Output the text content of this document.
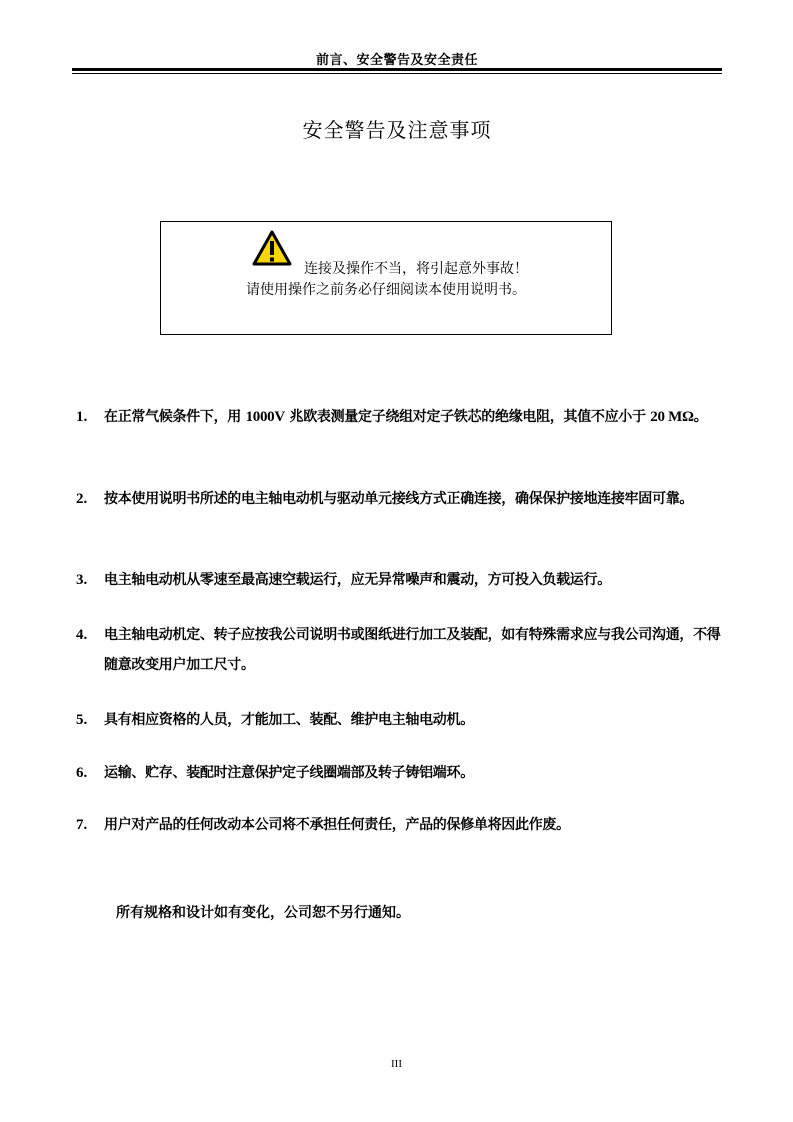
前言、安全警告及安全责任
安全警告及注意事项
连接及操作不当，将引起意外事故！
请使用操作之前务必仔细阅读本使用说明书。
1.	在正常气候条件下，用 1000V 兆欧表测量定子绕组对定子铁芯的绝缘电阻，其值不应小于 20 MΩ。
2.	按本使用说明书所述的电主轴电动机与驱动单元接线方式正确连接，确保保护接地连接牢固可靠。
3.	电主轴电动机从零速至最高速空载运行，应无异常噪声和震动，方可投入负载运行。
4.	电主轴电动机定、转子应按我公司说明书或图纸进行加工及装配，如有特殊需求应与我公司沟通，不得随意改变用户加工尺寸。
5.	具有相应资格的人员，才能加工、装配、维护电主轴电动机。
6.	运输、贮存、装配时注意保护定子线圈端部及转子铸铝端环。
7.	用户对产品的任何改动本公司将不承担任何责任，产品的保修单将因此作废。
所有规格和设计如有变化，公司恕不另行通知。
III
